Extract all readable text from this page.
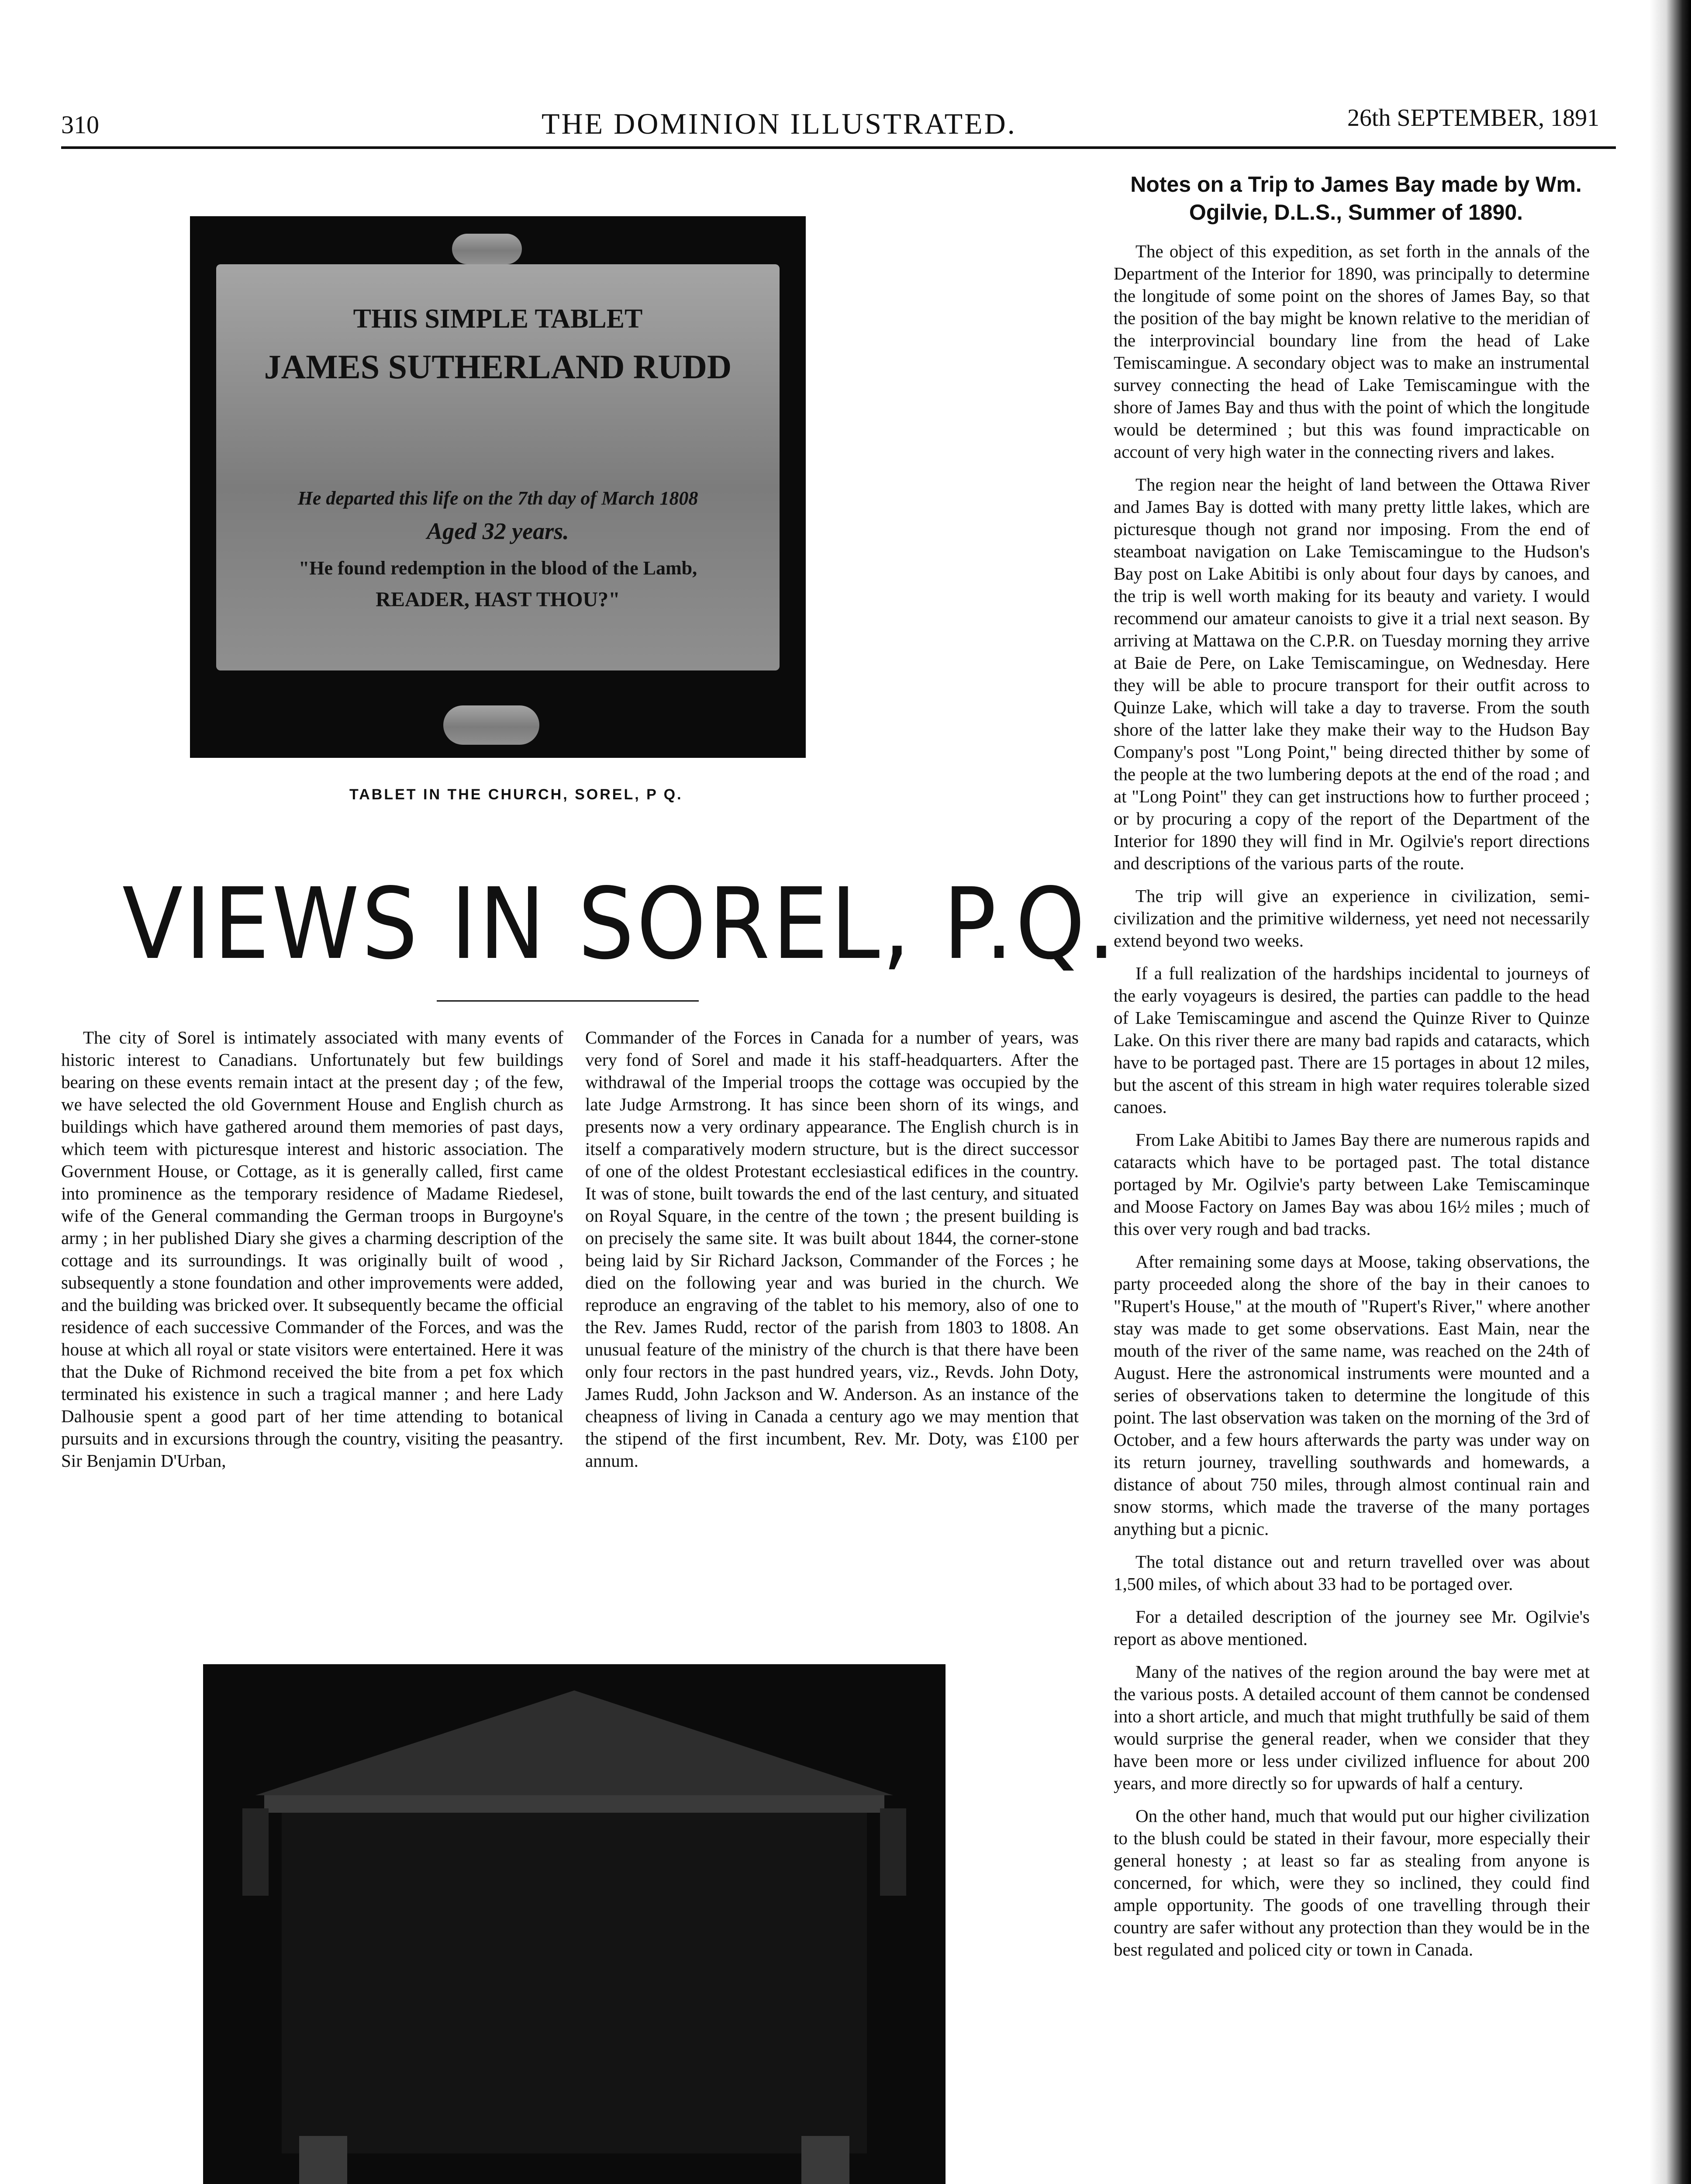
310	THE DOMINION ILLUSTRATED.	26th SEPTEMBER, 1891
THIS SIMPLE TABLET
JAMES SUTHERLAND RUDD
He departed this life on the 7th day of March 1808
Aged 32 years.
"He found redemption in the blood of the Lamb,
READER, HAST THOU?"
TABLET IN THE CHURCH, SOREL, P Q.
VIEWS IN SOREL, P.Q.

The city of Sorel is intimately associated with many events of historic interest to Canadians. Unfortunately but few buildings bearing on these events remain intact at the present day ; of the few, we have selected the old Government House and English church as buildings which have gathered around them memories of past days, which teem with picturesque interest and historic association. The Government House, or Cottage, as it is generally called, first came into prominence as the temporary residence of Madame Riedesel, wife of the General commanding the German troops in Burgoyne's army ; in her published Diary she gives a charming description of the cottage and its surroundings. It was originally built of wood , subsequently a stone foundation and other improvements were added, and the building was bricked over. It subsequently became the official residence of each successive Commander of the Forces, and was the house at which all royal or state visitors were entertained. Here it was that the Duke of Richmond received the bite from a pet fox which terminated his existence in such a tragical manner ; and here Lady Dalhousie spent a good part of her time attending to botanical pursuits and in excursions through the country, visiting the peasantry. Sir Benjamin D'Urban,

Commander of the Forces in Canada for a number of years, was very fond of Sorel and made it his staff-headquarters. After the withdrawal of the Imperial troops the cottage was occupied by the late Judge Armstrong. It has since been shorn of its wings, and presents now a very ordinary appearance. The English church is in itself a comparatively modern structure, but is the direct successor of one of the oldest Protestant ecclesiastical edifices in the country. It was of stone, built towards the end of the last century, and situated on Royal Square, in the centre of the town ; the present building is on precisely the same site. It was built about 1844, the corner-stone being laid by Sir Richard Jackson, Commander of the Forces ; he died on the following year and was buried in the church. We reproduce an engraving of the tablet to his memory, also of one to the Rev. James Rudd, rector of the parish from 1803 to 1808. An unusual feature of the ministry of the church is that there have been only four rectors in the past hundred years, viz., Revds. John Doty, James Rudd, John Jackson and W. Anderson. As an instance of the cheapness of living in Canada a century ago we may mention that the stipend of the first incumbent, Rev. Mr. Doty, was £100 per annum.

Notes on a Trip to James Bay made by Wm. Ogilvie, D.L.S., Summer of 1890.

The object of this expedition, as set forth in the annals of the Department of the Interior for 1890, was principally to determine the longitude of some point on the shores of James Bay, so that the position of the bay might be known relative to the meridian of the interprovincial boundary line from the head of Lake Temiscamingue. A secondary object was to make an instrumental survey connecting the head of Lake Temiscamingue with the shore of James Bay and thus with the point of which the longitude would be determined ; but this was found impracticable on account of very high water in the connecting rivers and lakes.

The region near the height of land between the Ottawa River and James Bay is dotted with many pretty little lakes, which are picturesque though not grand nor imposing. From the end of steamboat navigation on Lake Temiscamingue to the Hudson's Bay post on Lake Abitibi is only about four days by canoes, and the trip is well worth making for its beauty and variety. I would recommend our amateur canoists to give it a trial next season. By arriving at Mattawa on the C.P.R. on Tuesday morning they arrive at Baie de Pere, on Lake Temiscamingue, on Wednesday. Here they will be able to procure transport for their outfit across to Quinze Lake, which will take a day to traverse. From the south shore of the latter lake they make their way to the Hudson Bay Company's post "Long Point," being directed thither by some of the people at the two lumbering depots at the end of the road ; and at "Long Point" they can get instructions how to further proceed ; or by procuring a copy of the report of the Department of the Interior for 1890 they will find in Mr. Ogilvie's report directions and descriptions of the various parts of the route.

The trip will give an experience in civilization, semi-civilization and the primitive wilderness, yet need not necessarily extend beyond two weeks.

If a full realization of the hardships incidental to journeys of the early voyageurs is desired, the parties can paddle to the head of Lake Temiscamingue and ascend the Quinze River to Quinze Lake. On this river there are many bad rapids and cataracts, which have to be portaged past. There are 15 portages in about 12 miles, but the ascent of this stream in high water requires tolerable sized canoes.

From Lake Abitibi to James Bay there are numerous rapids and cataracts which have to be portaged past. The total distance portaged by Mr. Ogilvie's party between Lake Temiscaminque and Moose Factory on James Bay was abou 16½ miles ; much of this over very rough and bad tracks.

After remaining some days at Moose, taking observations, the party proceeded along the shore of the bay in their canoes to "Rupert's House," at the mouth of "Rupert's River," where another stay was made to get some observations. East Main, near the mouth of the river of the same name, was reached on the 24th of August. Here the astronomical instruments were mounted and a series of observations taken to determine the longitude of this point. The last observation was taken on the morning of the 3rd of October, and a few hours afterwards the party was under way on its return journey, travelling southwards and homewards, a distance of about 750 miles, through almost continual rain and snow storms, which made the traverse of the many portages anything but a picnic.

The total distance out and return travelled over was about 1,500 miles, of which about 33 had to be portaged over.

For a detailed description of the journey see Mr. Ogilvie's report as above mentioned.

Many of the natives of the region around the bay were met at the various posts. A detailed account of them cannot be condensed into a short article, and much that might truthfully be said of them would surprise the general reader, when we consider that they have been more or less under civilized influence for about 200 years, and more directly so for upwards of half a century.

On the other hand, much that would put our higher civilization to the blush could be stated in their favour, more especially their general honesty ; at least so far as stealing from anyone is concerned, for which, were they so inclined, they could find ample opportunity. The goods of one travelling through their country are safer without any protection than they would be in the best regulated and policed city or town in Canada.
